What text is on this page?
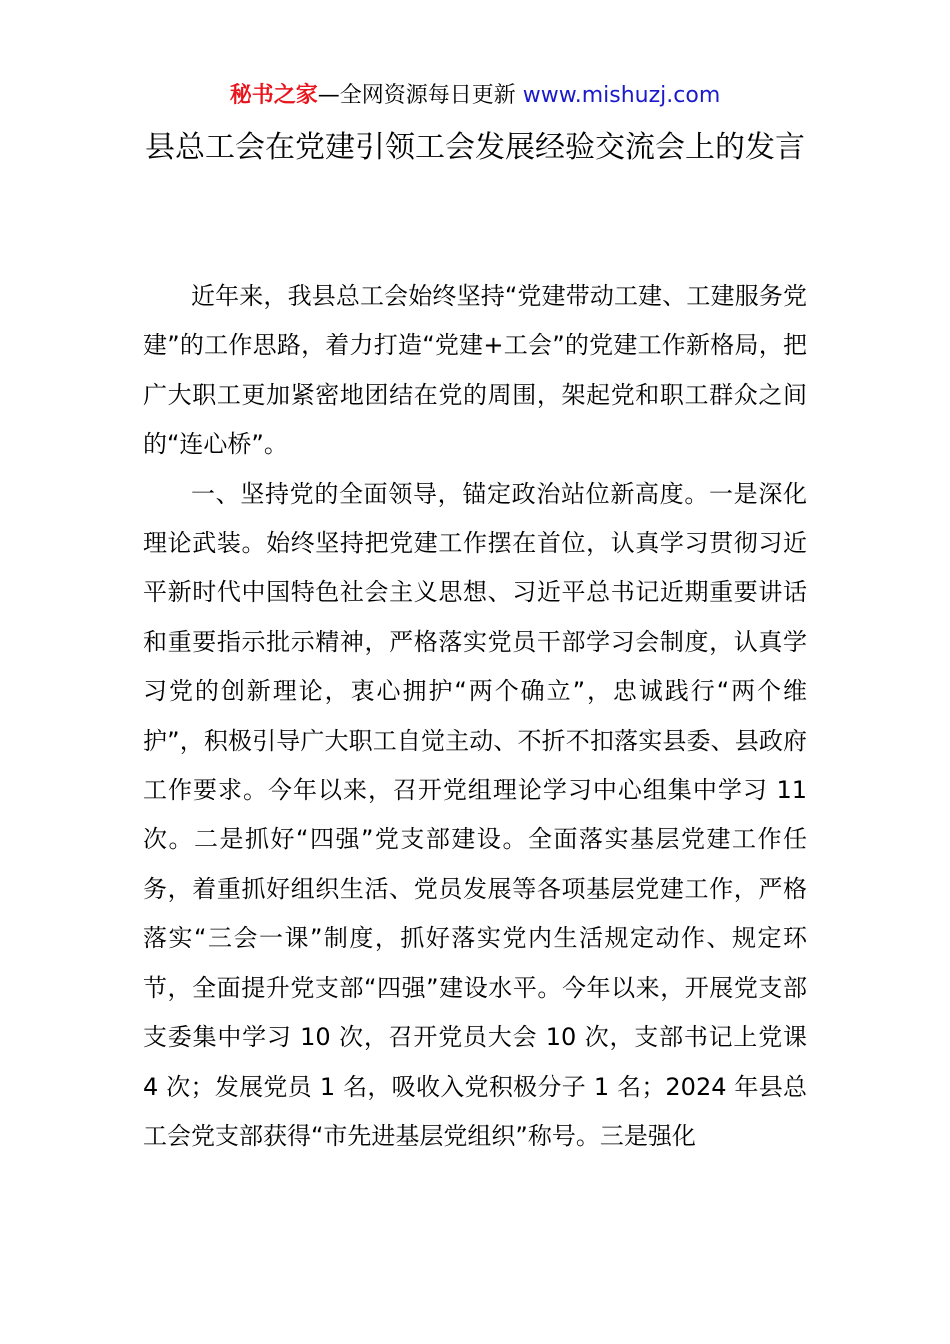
秘书之家—全网资源每日更新 www.mishuzj.com
县总工会在党建引领工会发展经验交流会上的发言

近年来，我县总工会始终坚持“党建带动工建、工建服务党建”的工作思路，着力打造“党建+工会”的党建工作新格局，把广大职工更加紧密地团结在党的周围，架起党和职工群众之间的“连心桥”。

一、坚持党的全面领导，锚定政治站位新高度。一是深化理论武装。始终坚持把党建工作摆在首位，认真学习贯彻习近平新时代中国特色社会主义思想、习近平总书记近期重要讲话和重要指示批示精神，严格落实党员干部学习会制度，认真学习党的创新理论，衷心拥护“两个确立”，忠诚践行“两个维护”，积极引导广大职工自觉主动、不折不扣落实县委、县政府工作要求。今年以来，召开党组理论学习中心组集中学习 11 次。二是抓好“四强”党支部建设。全面落实基层党建工作任务，着重抓好组织生活、党员发展等各项基层党建工作，严格落实“三会一课”制度，抓好落实党内生活规定动作、规定环节，全面提升党支部“四强”建设水平。今年以来，开展党支部支委集中学习 10 次，召开党员大会 10 次，支部书记上党课 4 次；发展党员 1 名，吸收入党积极分子 1 名；2024 年县总工会党支部获得“市先进基层党组织”称号。三是强化
